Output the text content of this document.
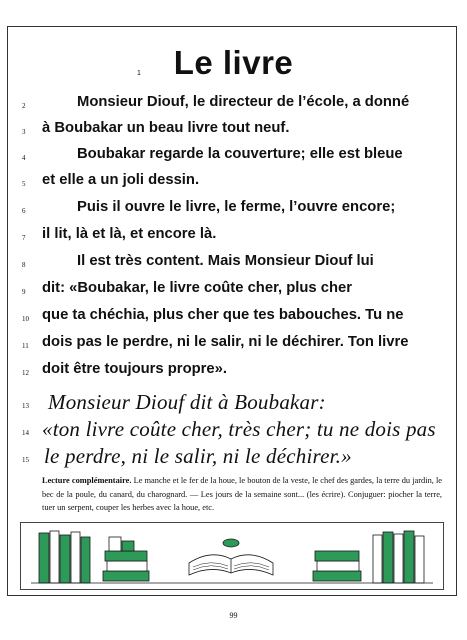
1 Le livre
2	Monsieur Diouf, le directeur de l’école, a donné
3	à Boubakar un beau livre tout neuf.
4	Boubakar regarde la couverture; elle est bleue
5	et elle a un joli dessin.
6	Puis il ouvre le livre, le ferme, l’ouvre encore;
7	il lit, là et là, et encore là.
8	Il est très content. Mais Monsieur Diouf lui
9	dit: «Boubakar, le livre coûte cher, plus cher
10 que ta chéchia, plus cher que tes babouches. Tu ne
11 dois pas le perdre, ni le salir, ni le déchirer. Ton livre
12 doit être toujours propre».
13 Monsieur Diouf dit à Boubakar:
14 «ton livre coûte cher, très cher; tu ne dois pas
15 le perdre, ni le salir, ni le déchirer.»
Lecture complémentaire. Le manche et le fer de la houe, le bouton de la veste, le chef des gardes, la terre du jardin, le bec de la poule, du canard, du charognard. — Les jours de la semaine sont... (les écrire). Conjuguer: piocher la terre, tuer un serpent, couper les herbes avec la houe, etc.
99
